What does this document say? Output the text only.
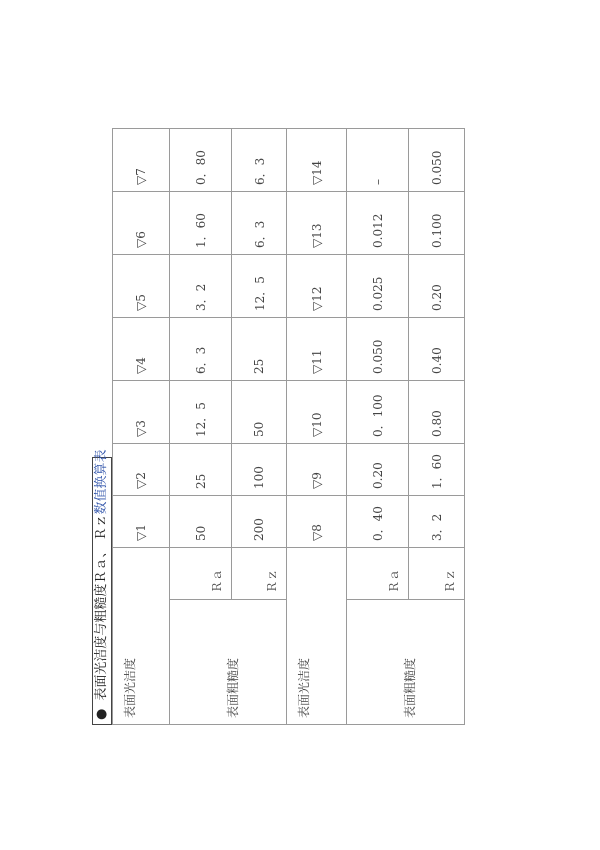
●表面光洁度与粗糙度Ｒａ、 Ｒｚ数值换算表
表面光洁度		▽1	▽2	▽3	▽4	▽5	▽6	▽7
表面粗糙度	Ｒａ	50	25	12．5	6．3	3．2	1．60	0．80
	Ｒｚ	200	100	50	25	12．5	6．3	6．3
表面光洁度		▽8	▽9	▽10	▽11	▽12	▽13	▽14
表面粗糙度	Ｒａ	0．40	0.20	0．100	0.050	0.025	0.012	–
	Ｒｚ	3．2	1．60	0.80	0.40	0.20	0.100	0.050
